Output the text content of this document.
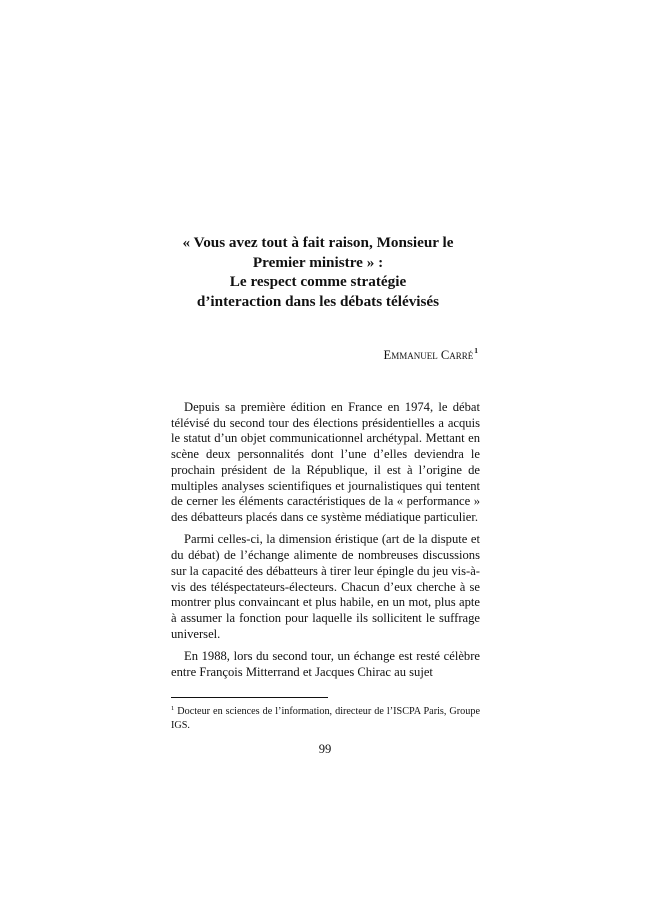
« Vous avez tout à fait raison, Monsieur le
Premier ministre » :
Le respect comme stratégie
d’interaction dans les débats télévisés
Emmanuel Carré$^1$

Depuis sa première édition en France en 1974, le débat télévisé du second tour des élections présidentielles a acquis le statut d’un objet communicationnel archétypal. Mettant en scène deux personnalités dont l’une d’elles deviendra le prochain président de la République, il est à l’origine de multiples analyses scientifiques et journalistiques qui tentent de cerner les éléments caractéristiques de la « performance » des débatteurs placés dans ce système médiatique particulier.

Parmi celles-ci, la dimension éristique (art de la dispute et du débat) de l’échange alimente de nombreuses discussions sur la capacité des débatteurs à tirer leur épingle du jeu vis-à-vis des téléspectateurs-électeurs. Chacun d’eux cherche à se montrer plus convaincant et plus habile, en un mot, plus apte à assumer la fonction pour laquelle ils sollicitent le suffrage universel.

En 1988, lors du second tour, un échange est resté célèbre entre François Mitterrand et Jacques Chirac au sujet

$^1$ Docteur en sciences de l’information, directeur de l’ISCPA Paris, Groupe IGS.
99
